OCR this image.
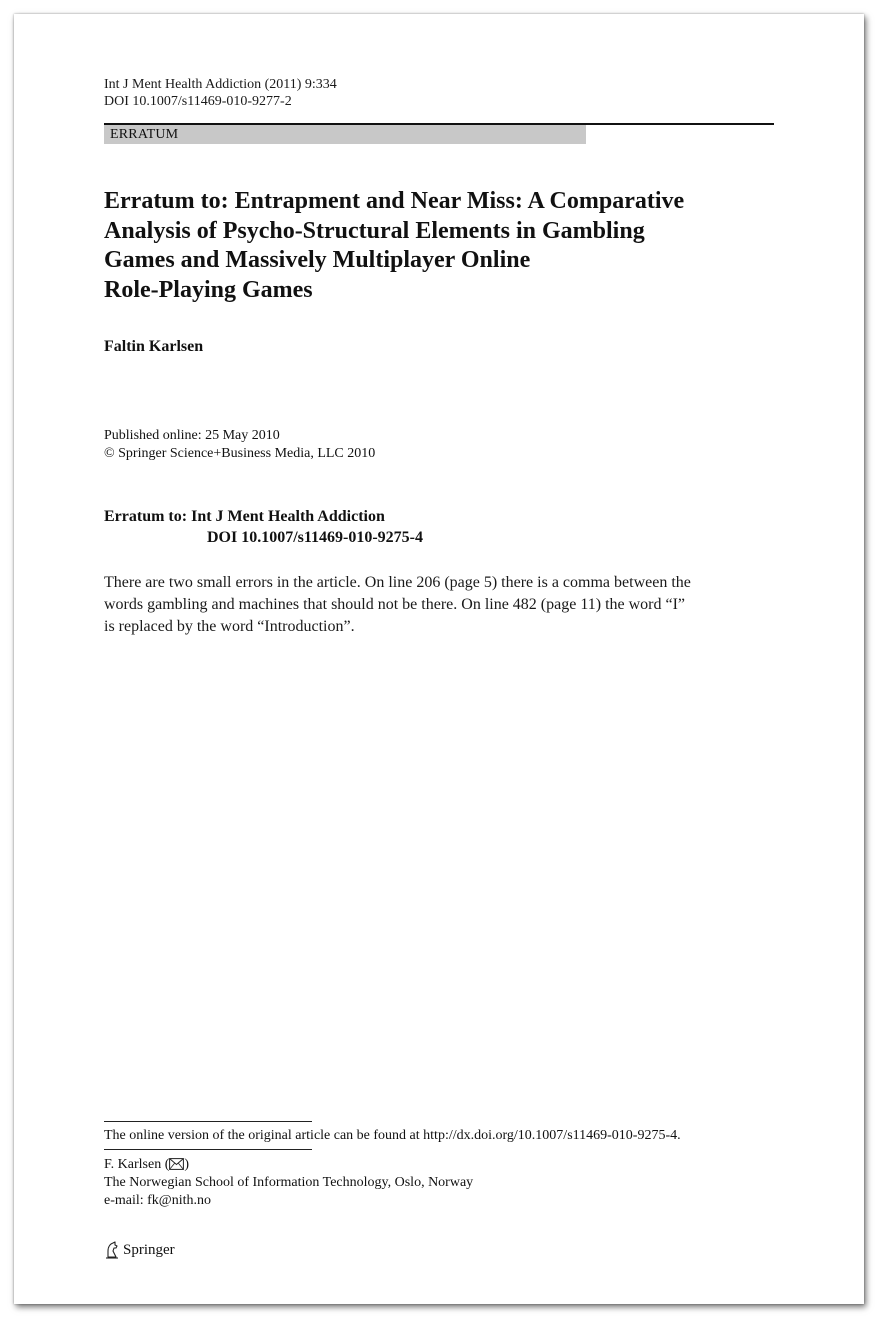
Int J Ment Health Addiction (2011) 9:334
DOI 10.1007/s11469-010-9277-2
ERRATUM
Erratum to: Entrapment and Near Miss: A Comparative
Analysis of Psycho-Structural Elements in Gambling
Games and Massively Multiplayer Online
Role-Playing Games
Faltin Karlsen
Published online: 25 May 2010
© Springer Science+Business Media, LLC 2010
Erratum to: Int J Ment Health Addiction
DOI 10.1007/s11469-010-9275-4
There are two small errors in the article. On line 206 (page 5) there is a comma between the
words gambling and machines that should not be there. On line 482 (page 11) the word “I”
is replaced by the word “Introduction”.
The online version of the original article can be found at http://dx.doi.org/10.1007/s11469-010-9275-4.
F. Karlsen ( )
The Norwegian School of Information Technology, Oslo, Norway
e-mail: fk@nith.no
Springer
